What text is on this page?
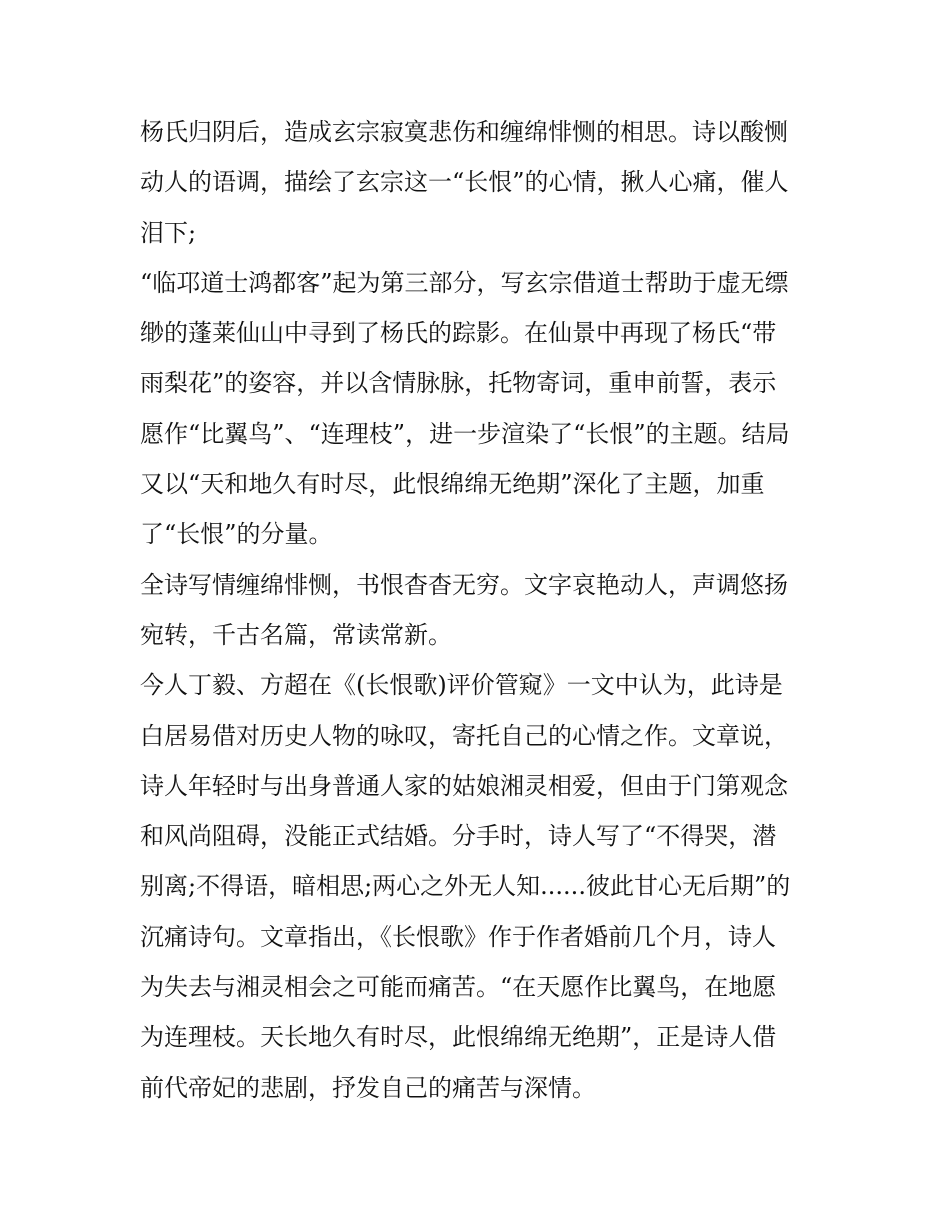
杨氏归阴后，造成玄宗寂寞悲伤和缠绵悱恻的相思。诗以酸恻
动人的语调，描绘了玄宗这一“长恨”的心情，揪人心痛，催人
泪下;
“临邛道士鸿都客”起为第三部分，写玄宗借道士帮助于虚无缥
缈的蓬莱仙山中寻到了杨氏的踪影。在仙景中再现了杨氏“带
雨梨花”的姿容，并以含情脉脉，托物寄词，重申前誓，表示
愿作“比翼鸟”、“连理枝”，进一步渲染了“长恨”的主题。结局
又以“天和地久有时尽，此恨绵绵无绝期”深化了主题，加重
了“长恨”的分量。
全诗写情缠绵悱恻，书恨杳杳无穷。文字哀艳动人，声调悠扬
宛转，千古名篇，常读常新。
今人丁毅、方超在《(长恨歌)评价管窥》一文中认为，此诗是
白居易借对历史人物的咏叹，寄托自己的心情之作。文章说，
诗人年轻时与出身普通人家的姑娘湘灵相爱，但由于门第观念
和风尚阻碍，没能正式结婚。分手时，诗人写了“不得哭，潜
别离;不得语，暗相思;两心之外无人知......彼此甘心无后期”的
沉痛诗句。文章指出，《长恨歌》作于作者婚前几个月，诗人
为失去与湘灵相会之可能而痛苦。“在天愿作比翼鸟，在地愿
为连理枝。天长地久有时尽，此恨绵绵无绝期”，正是诗人借
前代帝妃的悲剧，抒发自己的痛苦与深情。
